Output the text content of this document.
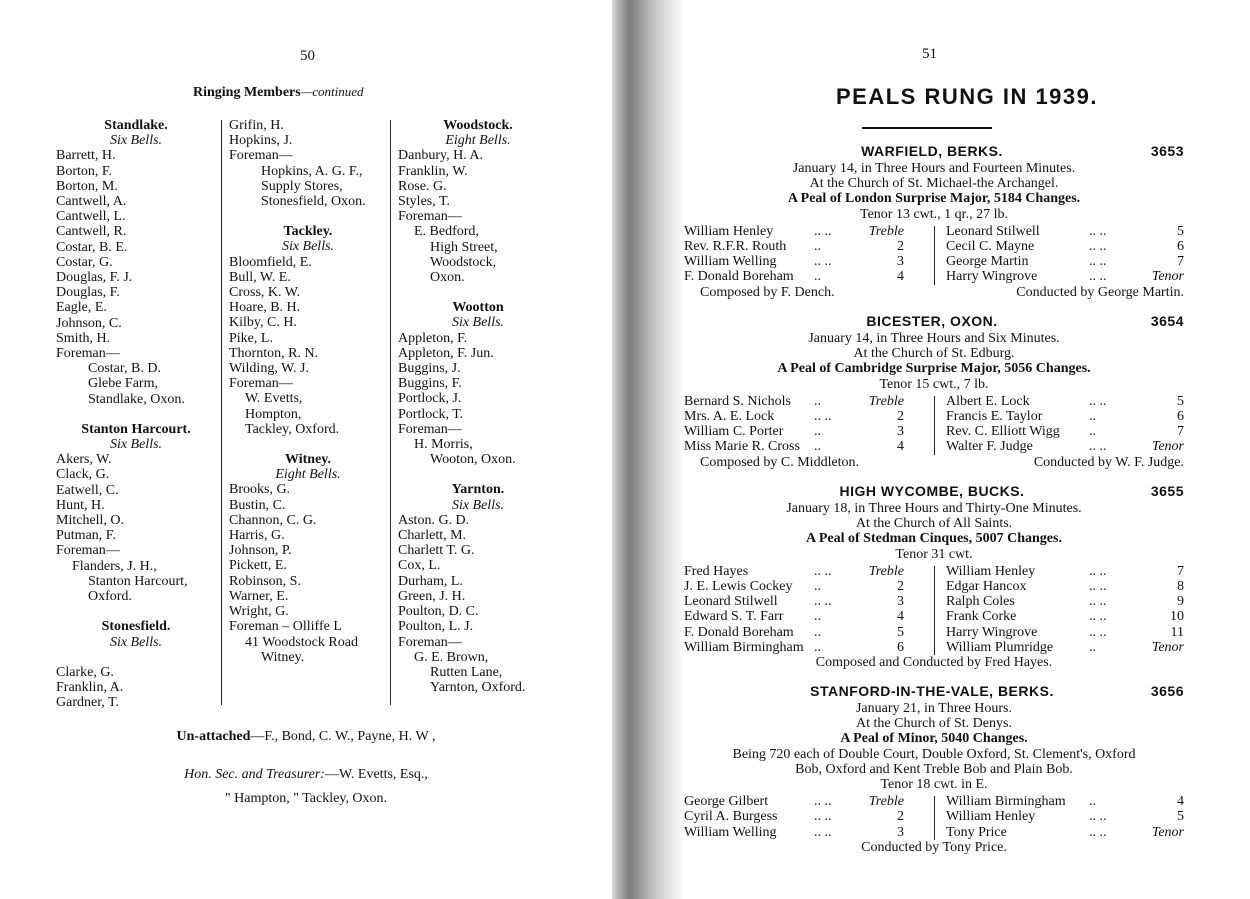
50
Ringing Members—continued
Standlake.
Six Bells.
Barrett, H.
Borton, F.
Borton, M.
Cantwell, A.
Cantwell, L.
Cantwell, R.
Costar, B. E.
Costar, G.
Douglas, F. J.
Douglas, F.
Eagle, E.
Johnson, C.
Smith, H.
Foreman—
Costar, B. D.
Glebe Farm,
Standlake, Oxon.
Stanton Harcourt.
Six Bells.
Akers, W.
Clack, G.
Eatwell, C.
Hunt, H.
Mitchell, O.
Putman, F.
Foreman—
Flanders, J. H.,
Stanton Harcourt,
Oxford.
Stonesfield.
Six Bells.
Clarke, G.
Franklin, A.
Gardner, T.
Grifin, H.
Hopkins, J.
Foreman—
Hopkins, A. G. F.,
Supply Stores,
Stonesfield, Oxon.
Tackley.
Six Bells.
Bloomfield, E.
Bull, W. E.
Cross, K. W.
Hoare, B. H.
Kilby, C. H.
Pike, L.
Thornton, R. N.
Wilding, W. J.
Foreman—
W. Evetts,
Hompton,
Tackley, Oxford.
Witney.
Eight Bells.
Brooks, G.
Bustin, C.
Channon, C. G.
Harris, G.
Johnson, P.
Pickett, E.
Robinson, S.
Warner, E.
Wright, G.
Foreman – Olliffe L
41 Woodstock Road
Witney.
Woodstock.
Eight Bells.
Danbury, H. A.
Franklin, W.
Rose. G.
Styles, T.
Foreman—
E. Bedford,
High Street,
Woodstock,
Oxon.
Wootton
Six Bells.
Appleton, F.
Appleton, F. Jun.
Buggins, J.
Buggins, F.
Portlock, J.
Portlock, T.
Foreman—
H. Morris,
Wooton, Oxon.
Yarnton.
Six Bells.
Aston. G. D.
Charlett, M.
Charlett T. G.
Cox, L.
Durham, L.
Green, J. H.
Poulton, D. C.
Poulton, L. J.
Foreman—
G. E. Brown,
Rutten Lane,
Yarnton, Oxford.
Un-attached—F., Bond, C. W., Payne, H. W ,
Hon. Sec. and Treasurer:—W. Evetts, Esq.,
" Hampton, " Tackley, Oxon.
51
PEALS RUNG IN 1939.
WARFIELD, BERKS.	3653
January 14, in Three Hours and Fourteen Minutes.
At the Church of St. Michael-the Archangel.
A Peal of London Surprise Major, 5184 Changes.
Tenor 13 cwt., 1 qr., 27 lb.
William Henley	.. ..	Treble	Leonard Stilwell	.. ..	5
Rev. R.F.R. Routh ..	2	Cecil C. Mayne	.. ..	6
William Welling	.. ..	3	George Martin	.. ..	7
F. Donald Boreham ..	4	Harry Wingrove	.. ..	Tenor
Composed by F. Dench.	Conducted by George Martin.
BICESTER, OXON.	3654
January 14, in Three Hours and Six Minutes.
At the Church of St. Edburg.
A Peal of Cambridge Surprise Major, 5056 Changes.
Tenor 15 cwt., 7 lb.
Bernard S. Nichols ..	Treble	Albert E. Lock	.. ..	5
Mrs. A. E. Lock	.. ..	2	Francis E. Taylor	..	6
William C. Porter ..	3	Rev. C. Elliott Wigg ..	7
Miss Marie R. Cross ..	4	Walter F. Judge	.. ..	Tenor
Composed by C. Middleton.	Conducted by W. F. Judge.
HIGH WYCOMBE, BUCKS.	3655
January 18, in Three Hours and Thirty-One Minutes.
At the Church of All Saints.
A Peal of Stedman Cinques, 5007 Changes.
Tenor 31 cwt.
Fred Hayes	.. ..	Treble	William Henley	.. ..	7
J. E. Lewis Cockey ..	2	Edgar Hancox	.. ..	8
Leonard Stilwell	.. ..	3	Ralph Coles	.. ..	9
Edward S. T. Farr ..	4	Frank Corke	.. ..	10
F. Donald Boreham ..	5	Harry Wingrove	.. ..	11
William Birmingham ..	6	William Plumridge	..	Tenor
Composed and Conducted by Fred Hayes.
STANFORD-IN-THE-VALE, BERKS.	3656
January 21, in Three Hours.
At the Church of St. Denys.
A Peal of Minor, 5040 Changes.
Being 720 each of Double Court, Double Oxford, St. Clement's, Oxford
Bob, Oxford and Kent Treble Bob and Plain Bob.
Tenor 18 cwt. in E.
George Gilbert	.. ..	Treble	William Birmingham ..	4
Cyril A. Burgess	.. ..	2	William Henley	.. ..	5
William Welling	.. ..	3	Tony Price	.. ..	Tenor
Conducted by Tony Price.
